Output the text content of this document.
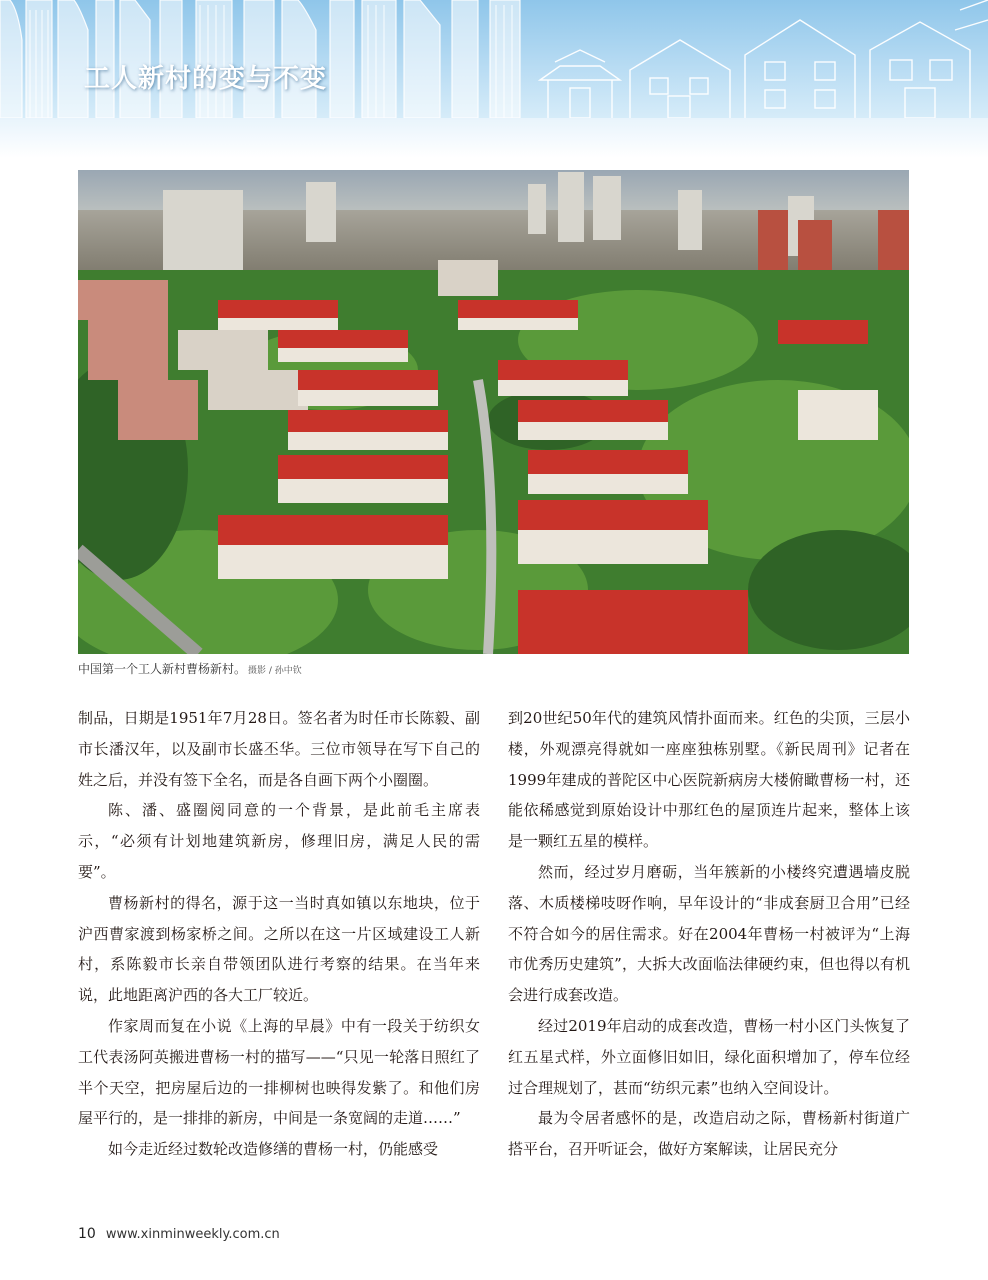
工人新村的变与不变
中国第一个工人新村曹杨新村。 摄影 / 孙中钦

制品，日期是1951年7月28日。签名者为时任市长陈毅、副市长潘汉年，以及副市长盛丕华。三位市领导在写下自己的姓之后，并没有签下全名，而是各自画下两个小圈圈。

陈、潘、盛圈阅同意的一个背景，是此前毛主席表示，“必须有计划地建筑新房，修理旧房，满足人民的需要”。

曹杨新村的得名，源于这一当时真如镇以东地块，位于沪西曹家渡到杨家桥之间。之所以在这一片区域建设工人新村，系陈毅市长亲自带领团队进行考察的结果。在当年来说，此地距离沪西的各大工厂较近。

作家周而复在小说《上海的早晨》中有一段关于纺织女工代表汤阿英搬进曹杨一村的描写——“只见一轮落日照红了半个天空，把房屋后边的一排柳树也映得发紫了。和他们房屋平行的，是一排排的新房，中间是一条宽阔的走道……”

如今走近经过数轮改造修缮的曹杨一村，仍能感受

到20世纪50年代的建筑风情扑面而来。红色的尖顶，三层小楼，外观漂亮得就如一座座独栋别墅。《新民周刊》记者在1999年建成的普陀区中心医院新病房大楼俯瞰曹杨一村，还能依稀感觉到原始设计中那红色的屋顶连片起来，整体上该是一颗红五星的模样。

然而，经过岁月磨砺，当年簇新的小楼终究遭遇墙皮脱落、木质楼梯吱呀作响，早年设计的“非成套厨卫合用”已经不符合如今的居住需求。好在2004年曹杨一村被评为“上海市优秀历史建筑”，大拆大改面临法律硬约束，但也得以有机会进行成套改造。

经过2019年启动的成套改造，曹杨一村小区门头恢复了红五星式样，外立面修旧如旧，绿化面积增加了，停车位经过合理规划了，甚而“纺织元素”也纳入空间设计。

最为令居者感怀的是，改造启动之际，曹杨新村街道广搭平台，召开听证会，做好方案解读，让居民充分

10 www.xinminweekly.com.cn
